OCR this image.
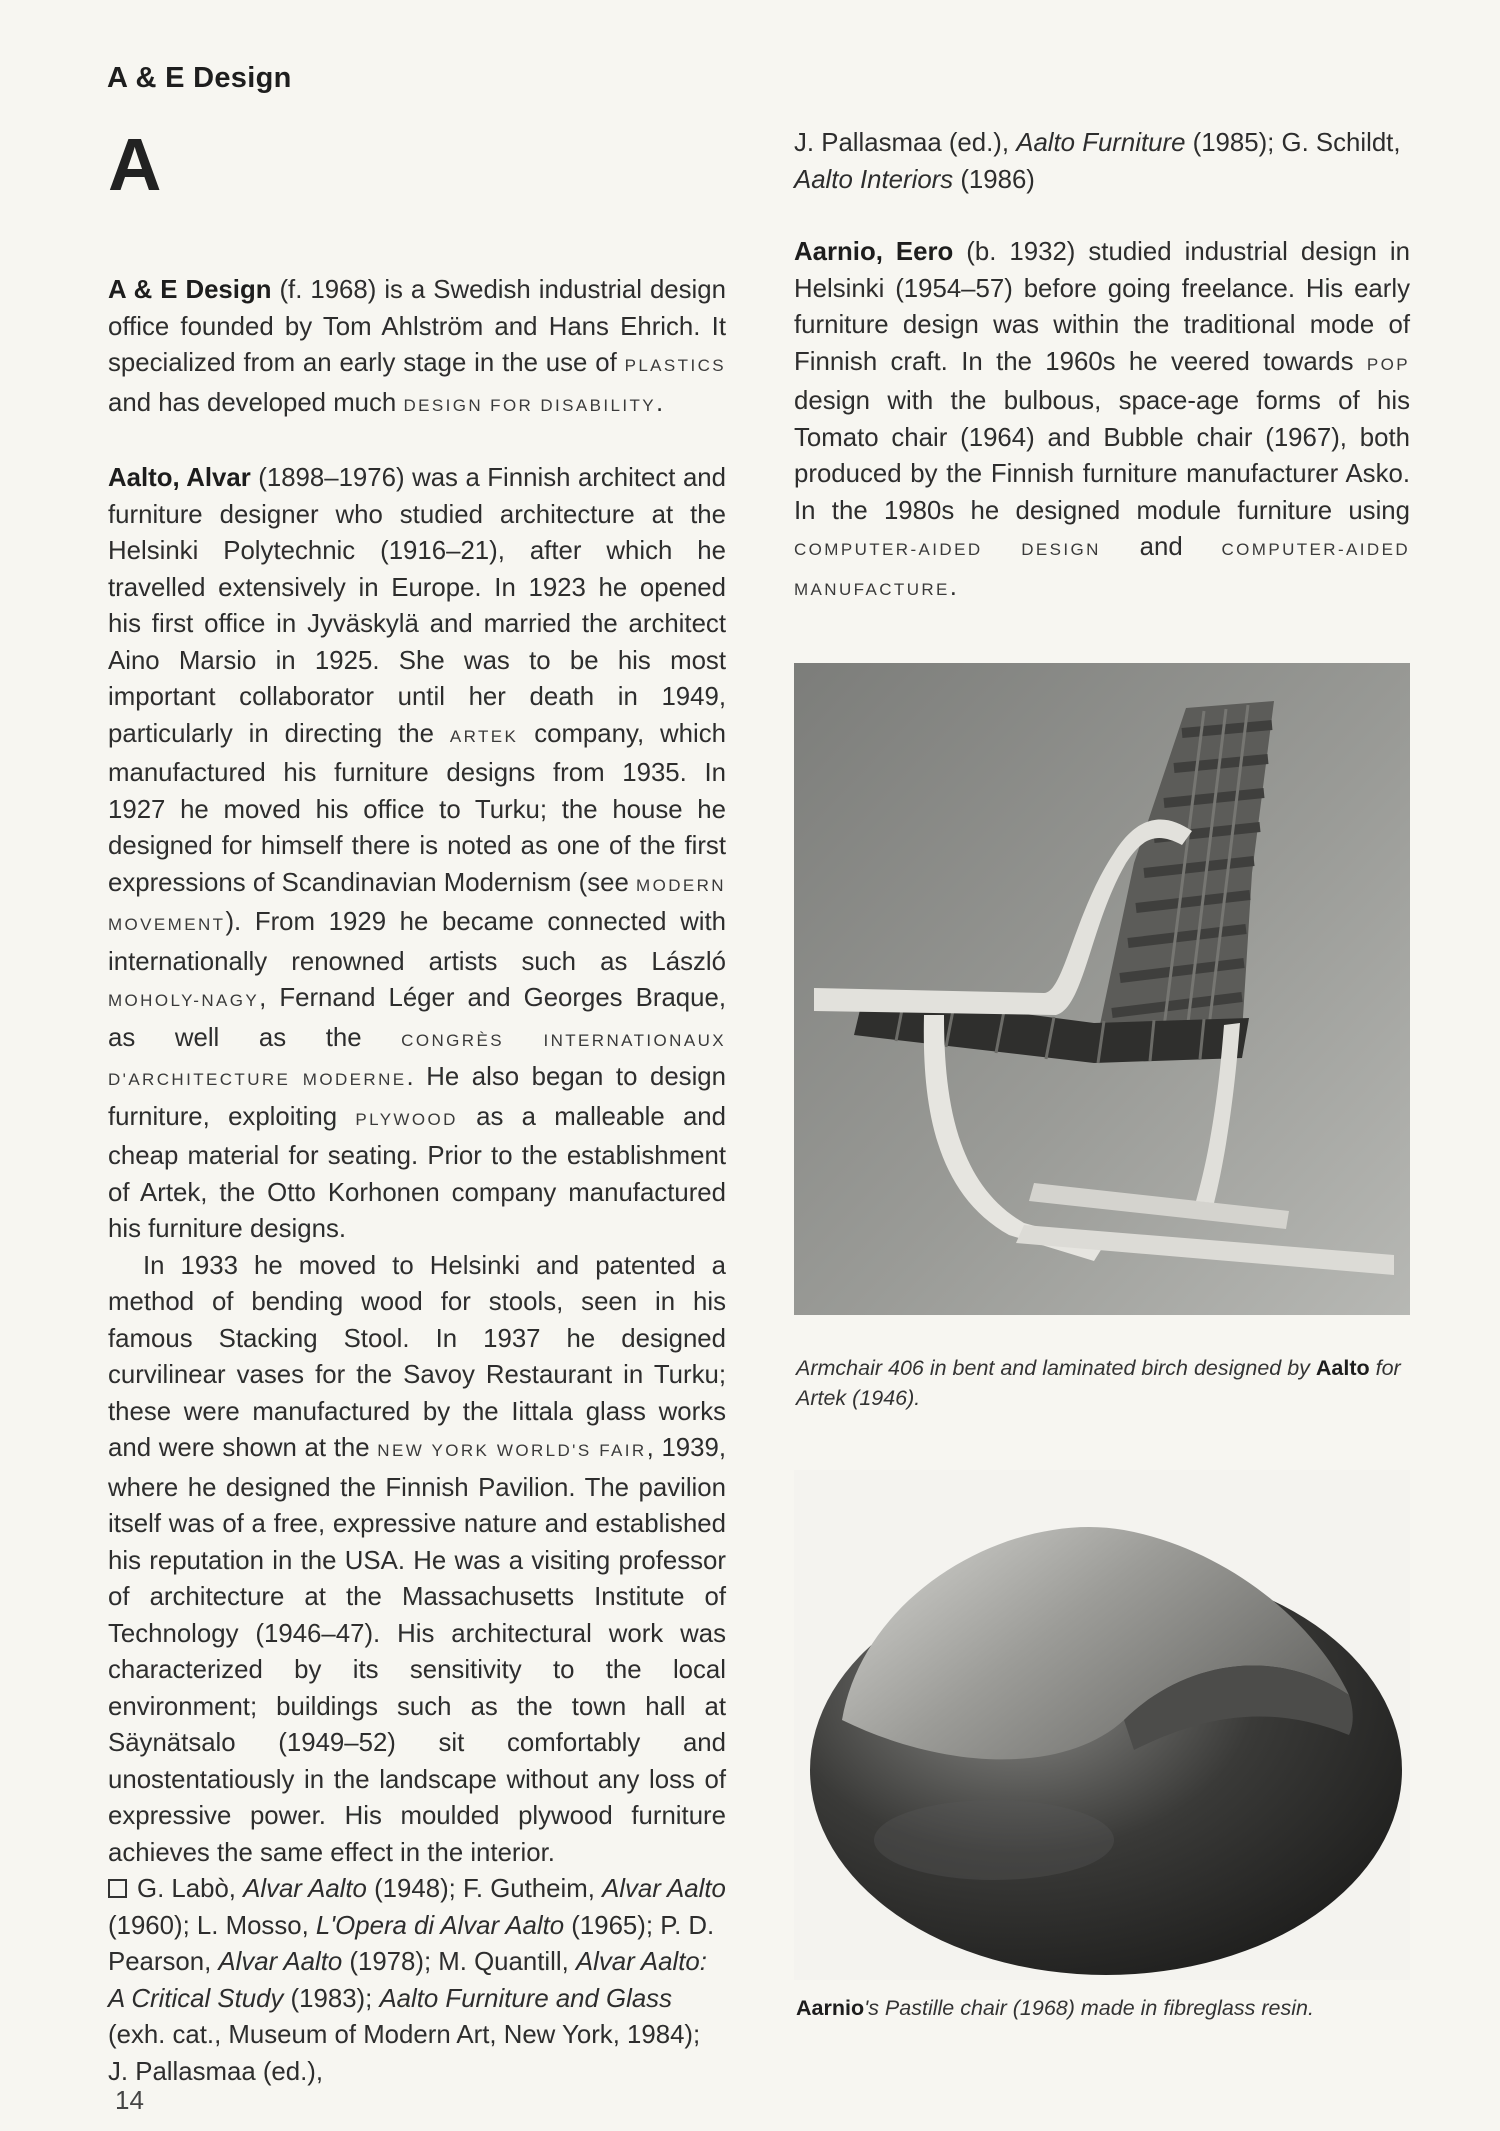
A & E Design
A

A & E Design (f. 1968) is a Swedish industrial design office founded by Tom Ahlström and Hans Ehrich. It specialized from an early stage in the use of PLASTICS and has developed much DESIGN FOR DISABILITY.

Aalto, Alvar (1898–1976) was a Finnish architect and furniture designer who studied architecture at the Helsinki Polytechnic (1916–21), after which he travelled extensively in Europe. In 1923 he opened his first office in Jyväskylä and married the architect Aino Marsio in 1925. She was to be his most important collaborator until her death in 1949, particularly in directing the ARTEK company, which manufactured his furniture designs from 1935. In 1927 he moved his office to Turku; the house he designed for himself there is noted as one of the first expressions of Scandinavian Modernism (see MODERN MOVEMENT). From 1929 he became connected with internationally renowned artists such as László MOHOLY-NAGY, Fernand Léger and Georges Braque, as well as the CONGRÈS INTERNATIONAUX D'ARCHITECTURE MODERNE. He also began to design furniture, exploiting PLYWOOD as a malleable and cheap material for seating. Prior to the establishment of Artek, the Otto Korhonen company manufactured his furniture designs.

In 1933 he moved to Helsinki and patented a method of bending wood for stools, seen in his famous Stacking Stool. In 1937 he designed curvilinear vases for the Savoy Restaurant in Turku; these were manufactured by the Iittala glass works and were shown at the NEW YORK WORLD'S FAIR, 1939, where he designed the Finnish Pavilion. The pavilion itself was of a free, expressive nature and established his reputation in the USA. He was a visiting professor of architecture at the Massachusetts Institute of Technology (1946–47). His architectural work was characterized by its sensitivity to the local environment; buildings such as the town hall at Säynätsalo (1949–52) sit comfortably and unostentatiously in the landscape without any loss of expressive power. His moulded plywood furniture achieves the same effect in the interior.

G. Labò, Alvar Aalto (1948); F. Gutheim, Alvar Aalto (1960); L. Mosso, L'Opera di Alvar Aalto (1965); P. D. Pearson, Alvar Aalto (1978); M. Quantill, Alvar Aalto: A Critical Study (1983); Aalto Furniture and Glass (exh. cat., Museum of Modern Art, New York, 1984); J. Pallasmaa (ed.),

J. Pallasmaa (ed.), Aalto Furniture (1985); G. Schildt, Aalto Interiors (1986)

Aarnio, Eero (b. 1932) studied industrial design in Helsinki (1954–57) before going freelance. His early furniture design was within the traditional mode of Finnish craft. In the 1960s he veered towards POP design with the bulbous, space-age forms of his Tomato chair (1964) and Bubble chair (1967), both produced by the Finnish furniture manufacturer Asko. In the 1980s he designed module furniture using COMPUTER-AIDED DESIGN and COMPUTER-AIDED MANUFACTURE.

Armchair 406 in bent and laminated birch designed by Aalto for Artek (1946).
Aarnio's Pastille chair (1968) made in fibreglass resin.
14
